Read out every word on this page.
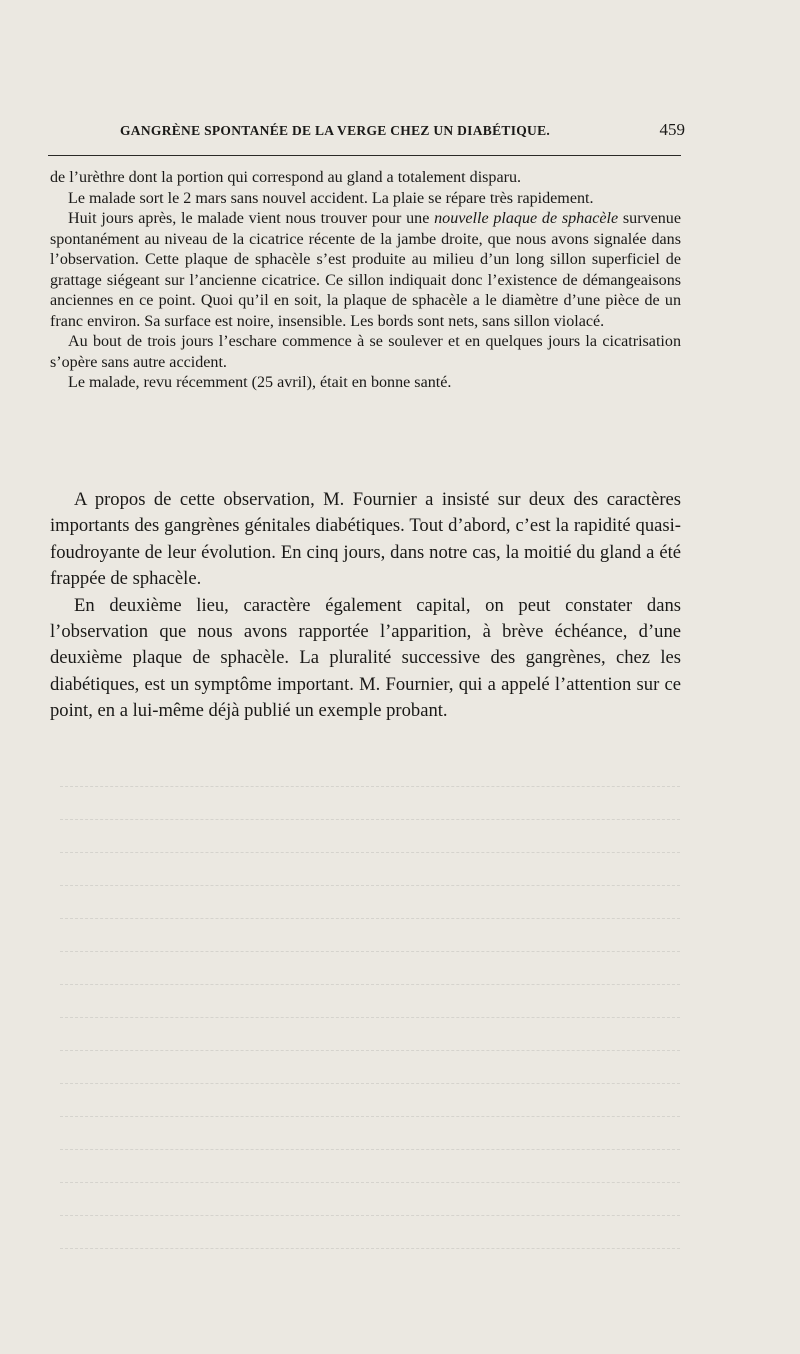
GANGRÈNE SPONTANÉE DE LA VERGE CHEZ UN DIABÉTIQUE.	459

de l’urèthre dont la portion qui correspond au gland a totalement disparu.

Le malade sort le 2 mars sans nouvel accident. La plaie se répare très rapidement.

Huit jours après, le malade vient nous trouver pour une nouvelle plaque de sphacèle survenue spontanément au niveau de la cicatrice récente de la jambe droite, que nous avons signalée dans l’observation. Cette plaque de sphacèle s’est produite au milieu d’un long sillon superficiel de grattage siégeant sur l’ancienne cicatrice. Ce sillon indiquait donc l’existence de démangeaisons anciennes en ce point. Quoi qu’il en soit, la plaque de sphacèle a le diamètre d’une pièce de un franc environ. Sa surface est noire, insensible. Les bords sont nets, sans sillon violacé.

Au bout de trois jours l’eschare commence à se soulever et en quelques jours la cicatrisation s’opère sans autre accident.

Le malade, revu récemment (25 avril), était en bonne santé.

A propos de cette observation, M. Fournier a insisté sur deux des caractères importants des gangrènes génitales diabétiques. Tout d’abord, c’est la rapidité quasi-foudroyante de leur évolution. En cinq jours, dans notre cas, la moitié du gland a été frappée de sphacèle.

En deuxième lieu, caractère également capital, on peut constater dans l’observation que nous avons rapportée l’apparition, à brève échéance, d’une deuxième plaque de sphacèle. La pluralité successive des gangrènes, chez les diabétiques, est un symptôme important. M. Fournier, qui a appelé l’attention sur ce point, en a lui-même déjà publié un exemple probant.
